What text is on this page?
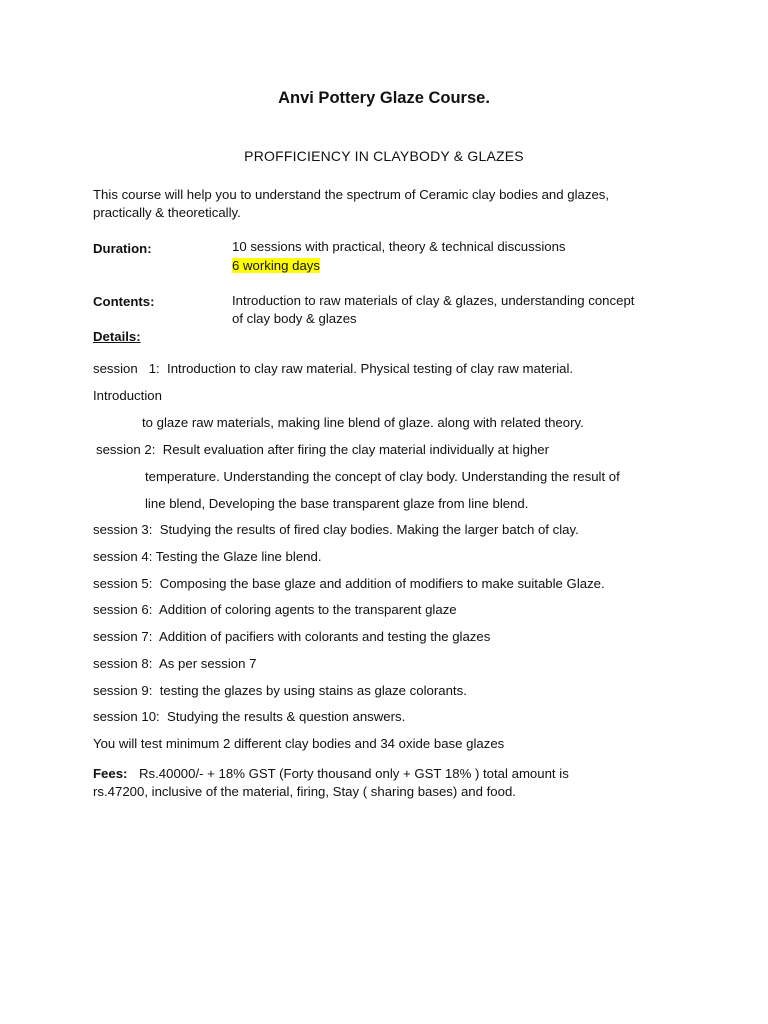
Anvi Pottery Glaze Course.
PROFFICIENCY IN CLAYBODY & GLAZES
This course will help you to understand the spectrum of Ceramic clay bodies and glazes,
practically & theoretically.
Duration:	10 sessions with practical, theory & technical discussions
6 working days
Contents:	Introduction to raw materials of clay & glazes, understanding concept
of clay body & glazes
Details:
session   1:  Introduction to clay raw material. Physical testing of clay raw material.
Introduction
to glaze raw materials, making line blend of glaze. along with related theory.
session 2:  Result evaluation after firing the clay material individually at higher
temperature. Understanding the concept of clay body. Understanding the result of
line blend, Developing the base transparent glaze from line blend.
session 3:  Studying the results of fired clay bodies. Making the larger batch of clay.
session 4: Testing the Glaze line blend.
session 5:  Composing the base glaze and addition of modifiers to make suitable Glaze.
session 6:  Addition of coloring agents to the transparent glaze
session 7:  Addition of pacifiers with colorants and testing the glazes
session 8:  As per session 7
session 9:  testing the glazes by using stains as glaze colorants.
session 10:  Studying the results & question answers.
You will test minimum 2 different clay bodies and 34 oxide base glazes
Fees: Rs.40000/- + 18% GST (Forty thousand only + GST 18% ) total amount is
rs.47200, inclusive of the material, firing, Stay ( sharing bases) and food.
